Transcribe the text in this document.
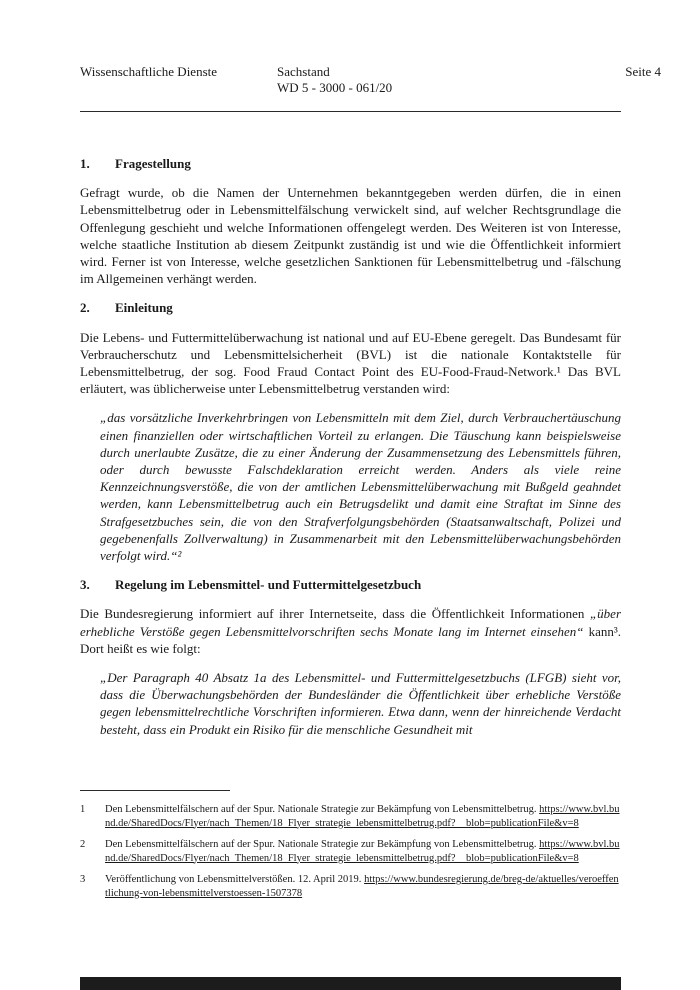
Wissenschaftliche Dienste	Sachstand
WD 5 - 3000 - 061/20
Seite 4
1.	Fragestellung

Gefragt wurde, ob die Namen der Unternehmen bekanntgegeben werden dürfen, die in einen Lebensmittelbetrug oder in Lebensmittelfälschung verwickelt sind, auf welcher Rechtsgrundlage die Offenlegung geschieht und welche Informationen offengelegt werden. Des Weiteren ist von Interesse, welche staatliche Institution ab diesem Zeitpunkt zuständig ist und wie die Öffentlichkeit informiert wird. Ferner ist von Interesse, welche gesetzlichen Sanktionen für Lebensmittelbetrug und -fälschung im Allgemeinen verhängt werden.

2.	Einleitung

Die Lebens- und Futtermittelüberwachung ist national und auf EU-Ebene geregelt. Das Bundesamt für Verbraucherschutz und Lebensmittelsicherheit (BVL) ist die nationale Kontaktstelle für Lebensmittelbetrug, der sog. Food Fraud Contact Point des EU-Food-Fraud-Network.¹ Das BVL erläutert, was üblicherweise unter Lebensmittelbetrug verstanden wird:

„das vorsätzliche Inverkehrbringen von Lebensmitteln mit dem Ziel, durch Verbrauchertäuschung einen finanziellen oder wirtschaftlichen Vorteil zu erlangen. Die Täuschung kann beispielsweise durch unerlaubte Zusätze, die zu einer Änderung der Zusammensetzung des Lebensmittels führen, oder durch bewusste Falschdeklaration erreicht werden. Anders als viele reine Kennzeichnungsverstöße, die von der amtlichen Lebensmittelüberwachung mit Bußgeld geahndet werden, kann Lebensmittelbetrug auch ein Betrugsdelikt und damit eine Straftat im Sinne des Strafgesetzbuches sein, die von den Strafverfolgungsbehörden (Staatsanwaltschaft, Polizei und gegebenenfalls Zollverwaltung) in Zusammenarbeit mit den Lebensmittelüberwachungsbehörden verfolgt wird.“²

3.	Regelung im Lebensmittel- und Futtermittelgesetzbuch

Die Bundesregierung informiert auf ihrer Internetseite, dass die Öffentlichkeit Informationen „über erhebliche Verstöße gegen Lebensmittelvorschriften sechs Monate lang im Internet einsehen“ kann³. Dort heißt es wie folgt:

„Der Paragraph 40 Absatz 1a des Lebensmittel- und Futtermittelgesetzbuchs (LFGB) sieht vor, dass die Überwachungsbehörden der Bundesländer die Öffentlichkeit über erhebliche Verstöße gegen lebensmittelrechtliche Vorschriften informieren. Etwa dann, wenn der hinreichende Verdacht besteht, dass ein Produkt ein Risiko für die menschliche Gesundheit mit

1	Den Lebensmittelfälschern auf der Spur. Nationale Strategie zur Bekämpfung von Lebensmittelbetrug. https://www.bvl.bund.de/SharedDocs/Flyer/nach_Themen/18_Flyer_strategie_lebensmittelbetrug.pdf?__blob=publicationFile&v=8
2	Den Lebensmittelfälschern auf der Spur. Nationale Strategie zur Bekämpfung von Lebensmittelbetrug. https://www.bvl.bund.de/SharedDocs/Flyer/nach_Themen/18_Flyer_strategie_lebensmittelbetrug.pdf?__blob=publicationFile&v=8
3	Veröffentlichung von Lebensmittelverstößen. 12. April 2019. https://www.bundesregierung.de/breg-de/aktuelles/veroeffentlichung-von-lebensmittelverstoessen-1507378
